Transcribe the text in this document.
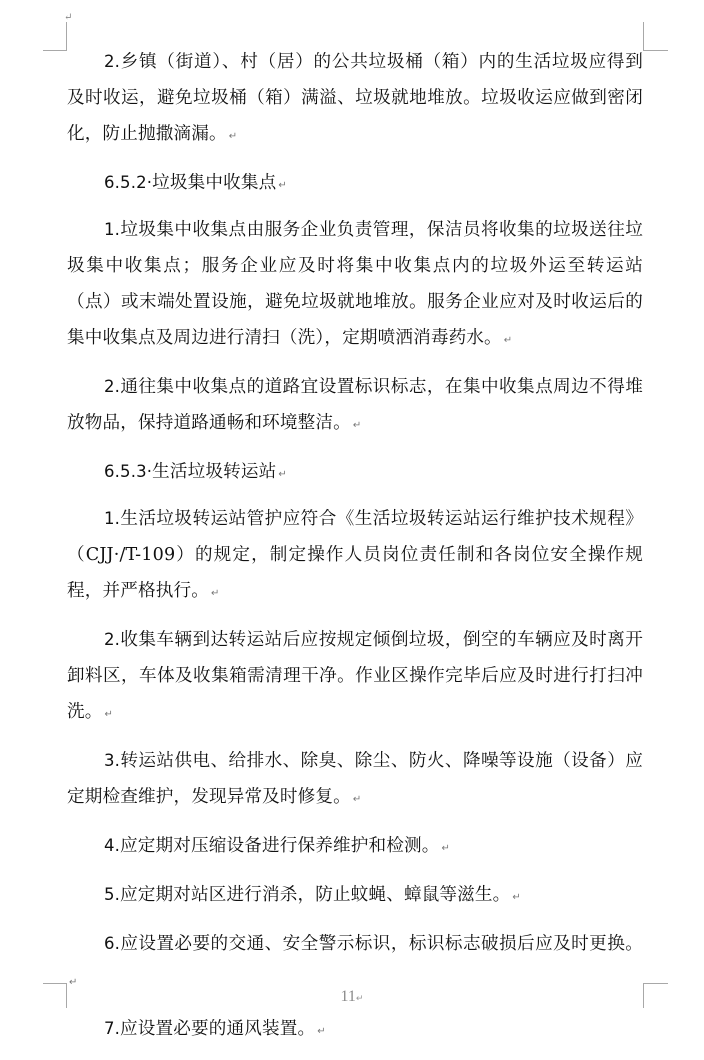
↵

2.乡镇（街道）、村（居）的公共垃圾桶（箱）内的生活垃圾应得到及时收运，避免垃圾桶（箱）满溢、垃圾就地堆放。垃圾收运应做到密闭化，防止抛撒滴漏。 ↵

6.5.2·垃圾集中收集点 ↵

1.垃圾集中收集点由服务企业负责管理，保洁员将收集的垃圾送往垃圾集中收集点；服务企业应及时将集中收集点内的垃圾外运至转运站（点）或末端处置设施，避免垃圾就地堆放。服务企业应对及时收运后的集中收集点及周边进行清扫（洗），定期喷洒消毒药水。 ↵

2.通往集中收集点的道路宜设置标识标志，在集中收集点周边不得堆放物品，保持道路通畅和环境整洁。 ↵

6.5.3·生活垃圾转运站 ↵

1.生活垃圾转运站管护应符合《生活垃圾转运站运行维护技术规程》（CJJ·/T-109）的规定，制定操作人员岗位责任制和各岗位安全操作规程，并严格执行。 ↵

2.收集车辆到达转运站后应按规定倾倒垃圾，倒空的车辆应及时离开卸料区，车体及收集箱需清理干净。作业区操作完毕后应及时进行打扫冲洗。 ↵

3.转运站供电、给排水、除臭、除尘、防火、降噪等设施（设备）应定期检查维护，发现异常及时修复。 ↵

4.应定期对压缩设备进行保养维护和检测。 ↵

5.应定期对站区进行消杀，防止蚊蝇、蟑鼠等滋生。 ↵

6.应设置必要的交通、安全警示标识，标识标志破损后应及时更换。↵

7.应设置必要的通风装置。 ↵

11↵
